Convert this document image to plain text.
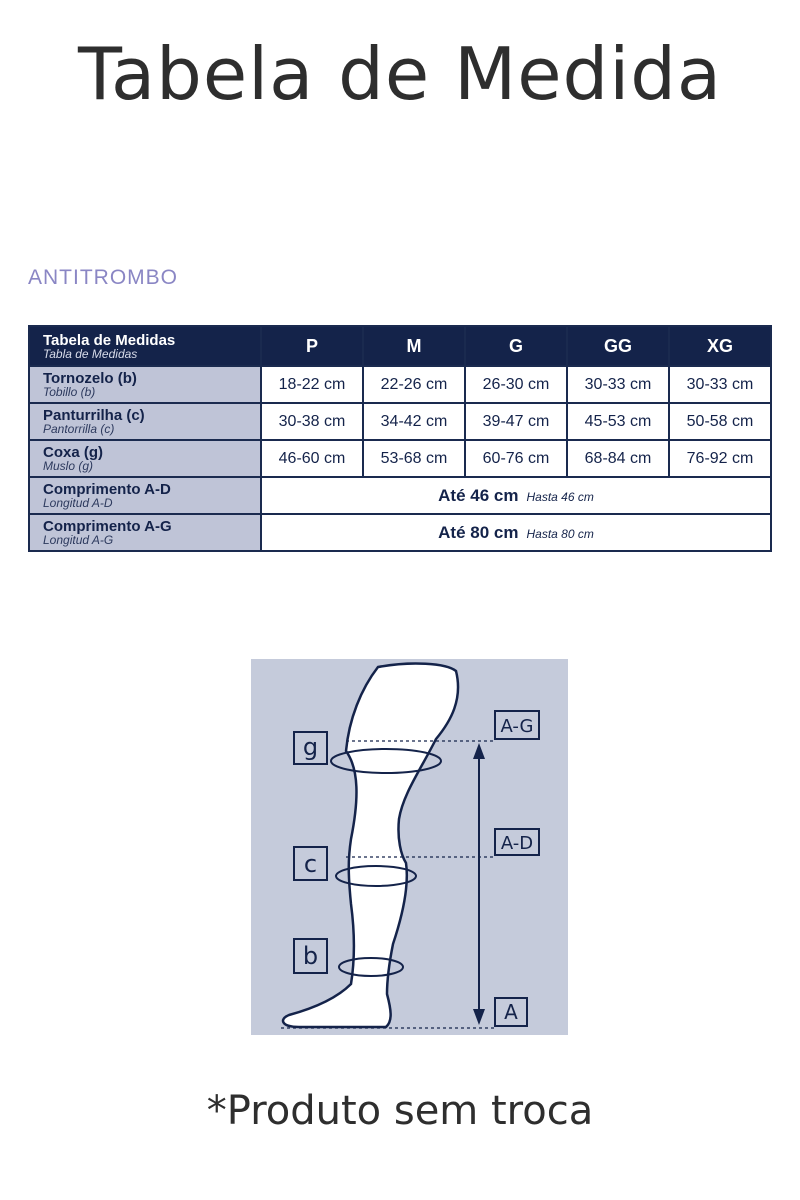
Tabela de Medida
ANTITROMBO
Tabela de Medidas
Tabla de Medidas	P	M	G	GG	XG

Tornozelo (b)
Tobillo (b)	18-22 cm	22-26 cm	26-30 cm	30-33 cm	30-33 cm

Panturrilha (c)
Pantorrilla (c)	30-38 cm	34-42 cm	39-47 cm	45-53 cm	50-58 cm

Coxa (g)
Muslo (g)	46-60 cm	53-68 cm	60-76 cm	68-84 cm	76-92 cm

Comprimento A-D
Longitud A-D	Até 46 cm Hasta 46 cm				

Comprimento A-G
Longitud A-G	Até 80 cm Hasta 80 cm				
g
c
b
A-G
A-D
A
*Produto sem troca
